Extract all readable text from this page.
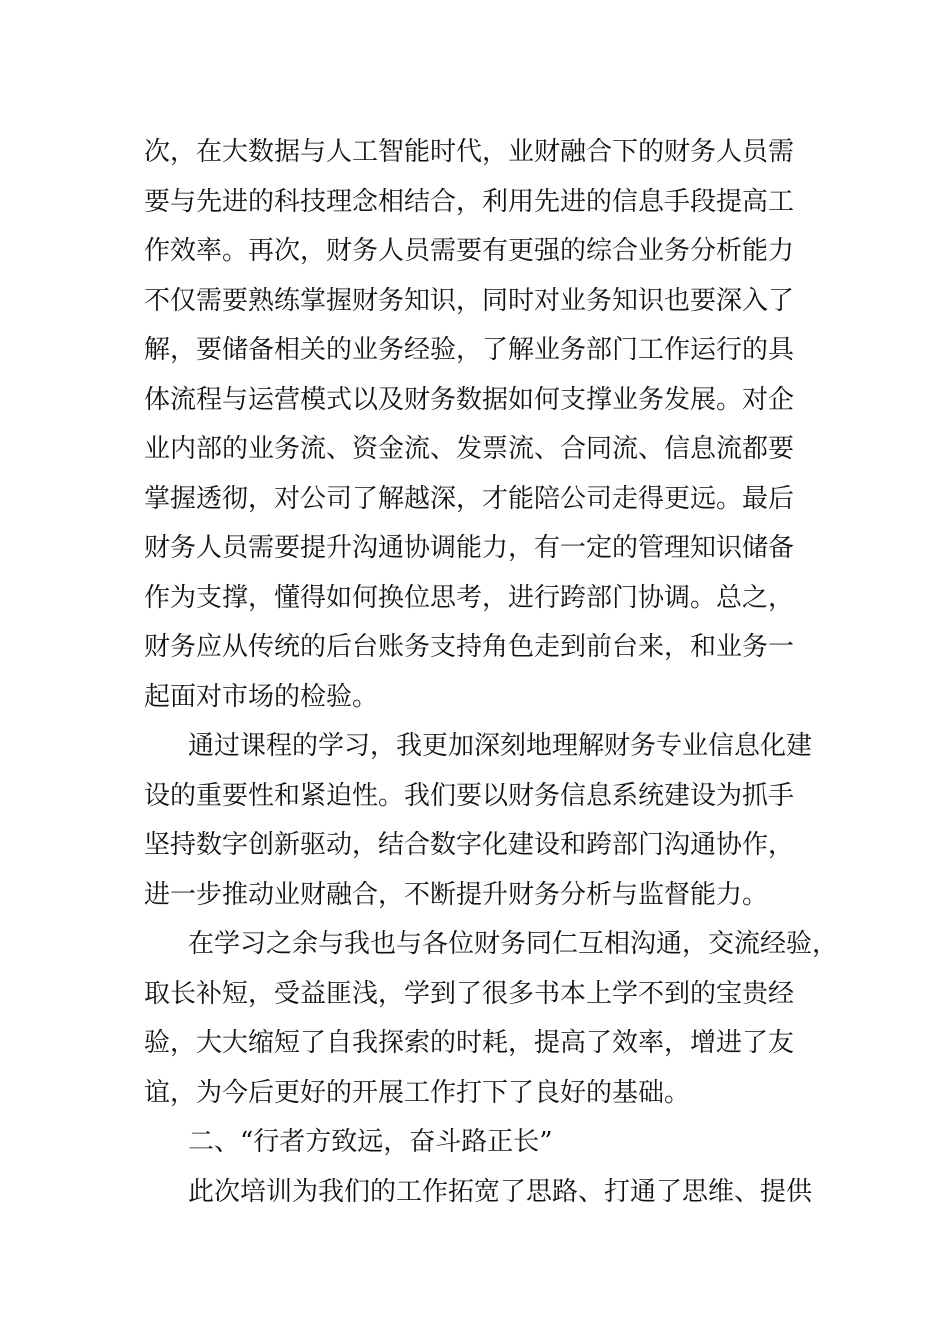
次，在大数据与人工智能时代，业财融合下的财务人员需
要与先进的科技理念相结合，利用先进的信息手段提高工
作效率。再次，财务人员需要有更强的综合业务分析能力
不仅需要熟练掌握财务知识，同时对业务知识也要深入了
解，要储备相关的业务经验，了解业务部门工作运行的具
体流程与运营模式以及财务数据如何支撑业务发展。对企
业内部的业务流、资金流、发票流、合同流、信息流都要
掌握透彻，对公司了解越深，才能陪公司走得更远。最后
财务人员需要提升沟通协调能力，有一定的管理知识储备
作为支撑，懂得如何换位思考，进行跨部门协调。总之，
财务应从传统的后台账务支持角色走到前台来，和业务一
起面对市场的检验。
通过课程的学习，我更加深刻地理解财务专业信息化建
设的重要性和紧迫性。我们要以财务信息系统建设为抓手
坚持数字创新驱动，结合数字化建设和跨部门沟通协作，
进一步推动业财融合，不断提升财务分析与监督能力。
在学习之余与我也与各位财务同仁互相沟通，交流经验，
取长补短，受益匪浅，学到了很多书本上学不到的宝贵经
验，大大缩短了自我探索的时耗，提高了效率，增进了友
谊，为今后更好的开展工作打下了良好的基础。
二、“行者方致远，奋斗路正长”
此次培训为我们的工作拓宽了思路、打通了思维、提供
